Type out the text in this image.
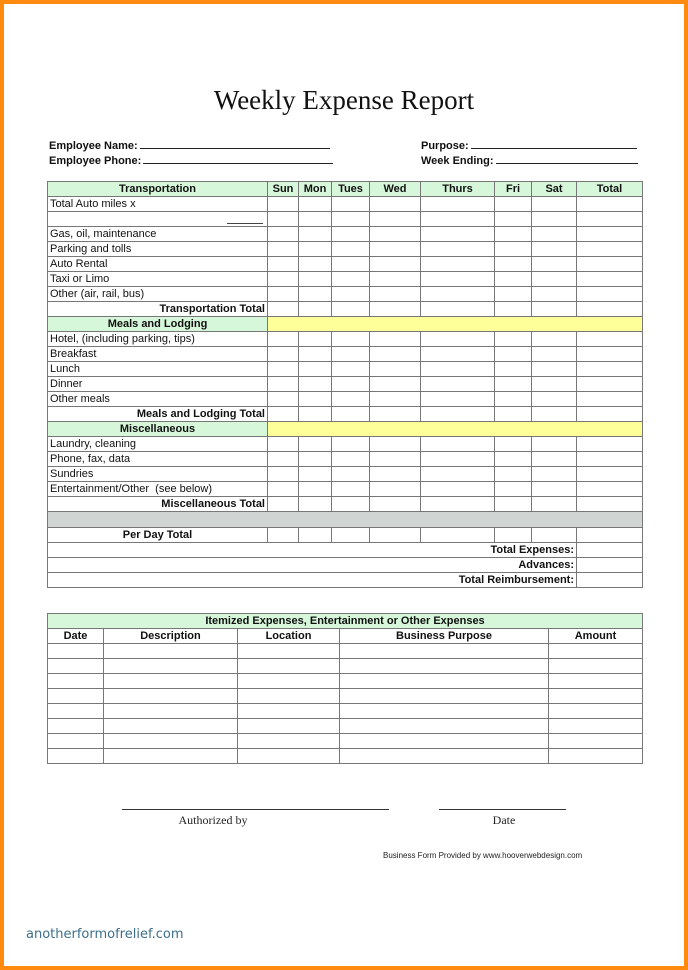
Weekly Expense Report
Employee Name:
Employee Phone:
Purpose:
Week Ending:
Transportation	Sun	Mon	Tues	Wed	Thurs	Fri	Sat	Total
Total Auto miles x								

Gas, oil, maintenance								
Parking and tolls								
Auto Rental								
Taxi or Limo								
Other (air, rail, bus)								
Transportation Total								
Meals and Lodging								
Hotel, (including parking, tips)								
Breakfast								
Lunch								
Dinner								
Other meals								
Meals and Lodging Total								
Miscellaneous								
Laundry, cleaning								
Phone, fax, data								
Sundries								
Entertainment/Other  (see below)								
Miscellaneous Total								

Per Day Total								
Total Expenses:								
Advances:								
Total Reimbursement:								
Itemized Expenses, Entertainment or Other Expenses				
Date	Description	Location	Business Purpose	Amount

Authorized by	Date
Business Form Provided by www.hooverwebdesign.com
anotherformofrelief.com
